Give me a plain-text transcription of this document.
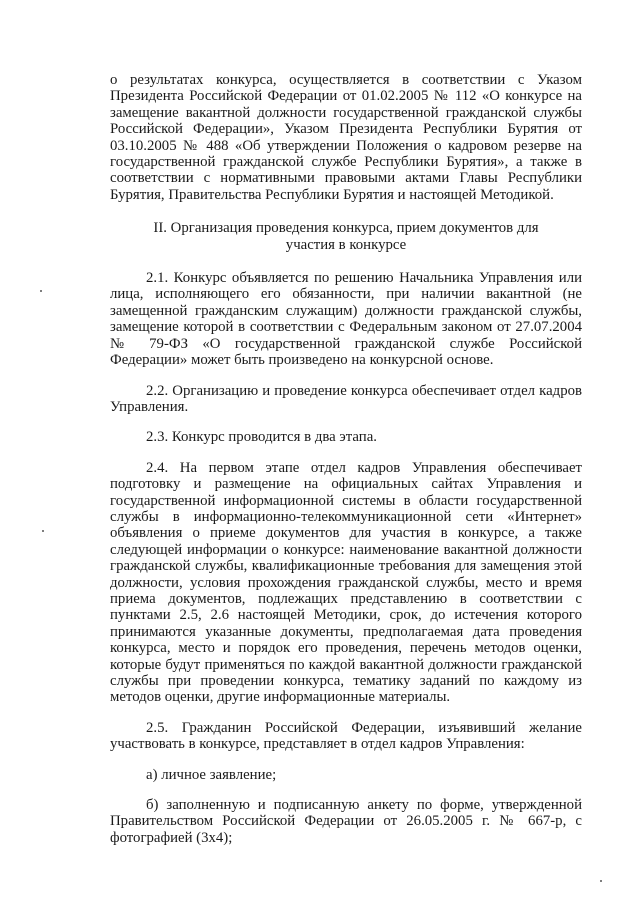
о результатах конкурса, осуществляется в соответствии с Указом Президента Российской Федерации от 01.02.2005 № 112 «О конкурсе на замещение вакантной должности государственной гражданской службы Российской Федерации», Указом Президента Республики Бурятия от 03.10.2005 № 488 «Об утверждении Положения о кадровом резерве на государственной гражданской службе Республики Бурятия», а также в соответствии с нормативными правовыми актами Главы Республики Бурятия, Правительства Республики Бурятия и настоящей Методикой.

II. Организация проведения конкурса, прием документов для

участия в конкурсе

2.1. Конкурс объявляется по решению Начальника Управления или лица, исполняющего его обязанности, при наличии вакантной (не замещенной гражданским служащим) должности гражданской службы, замещение которой в соответствии с Федеральным законом от 27.07.2004 № 79-ФЗ «О государственной гражданской службе Российской Федерации» может быть произведено на конкурсной основе.

2.2. Организацию и проведение конкурса обеспечивает отдел кадров Управления.

2.3. Конкурс проводится в два этапа.

2.4. На первом этапе отдел кадров Управления обеспечивает подготовку и размещение на официальных сайтах Управления и государственной информационной системы в области государственной службы в информационно-телекоммуникационной сети «Интернет» объявления о приеме документов для участия в конкурсе, а также следующей информации о конкурсе: наименование вакантной должности гражданской службы, квалификационные требования для замещения этой должности, условия прохождения гражданской службы, место и время приема документов, подлежащих представлению в соответствии с пунктами 2.5, 2.6 настоящей Методики, срок, до истечения которого принимаются указанные документы, предполагаемая дата проведения конкурса, место и порядок его проведения, перечень методов оценки, которые будут применяться по каждой вакантной должности гражданской службы при проведении конкурса, тематику заданий по каждому из методов оценки, другие информационные материалы.

2.5. Гражданин Российской Федерации, изъявивший желание участвовать в конкурсе, представляет в отдел кадров Управления:

а) личное заявление;

б) заполненную и подписанную анкету по форме, утвержденной Правительством Российской Федерации от 26.05.2005 г. № 667-р, с фотографией (3x4);
